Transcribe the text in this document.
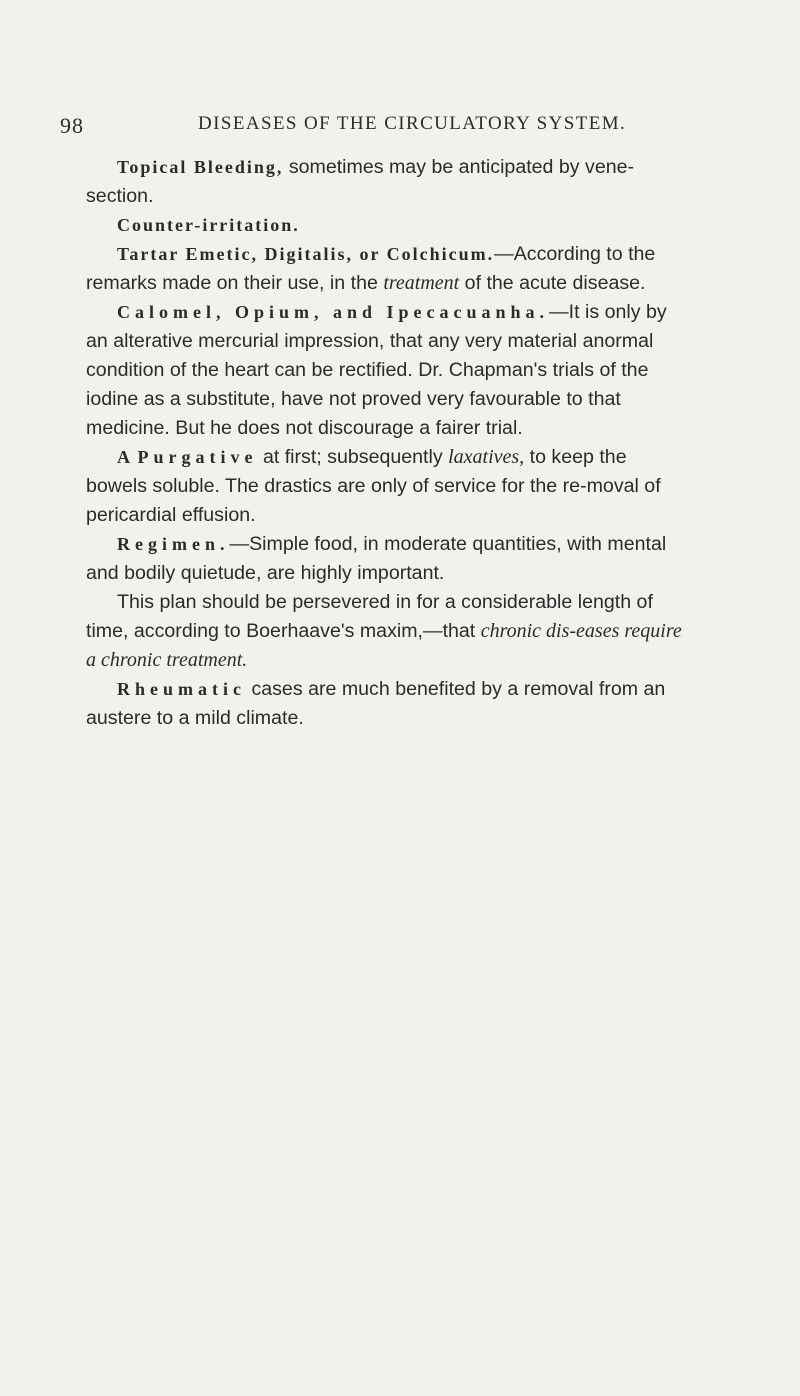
98	DISEASES OF THE CIRCULATORY SYSTEM.

Topical Bleeding, sometimes may be anticipated by vene-section.

Counter-irritation.

Tartar Emetic, Digitalis, or Colchicum.—According to the remarks made on their use, in the treatment of the acute disease.

Calomel, Opium, and Ipecacuanha.—It is only by an alterative mercurial impression, that any very material anormal condition of the heart can be rectified. Dr. Chapman's trials of the iodine as a substitute, have not proved very favourable to that medicine. But he does not discourage a fairer trial.

A Purgative at first; subsequently laxatives, to keep the bowels soluble. The drastics are only of service for the re-moval of pericardial effusion.

Regimen.—Simple food, in moderate quantities, with mental and bodily quietude, are highly important.

This plan should be persevered in for a considerable length of time, according to Boerhaave's maxim,—that chronic dis-eases require a chronic treatment.

Rheumatic cases are much benefited by a removal from an austere to a mild climate.
